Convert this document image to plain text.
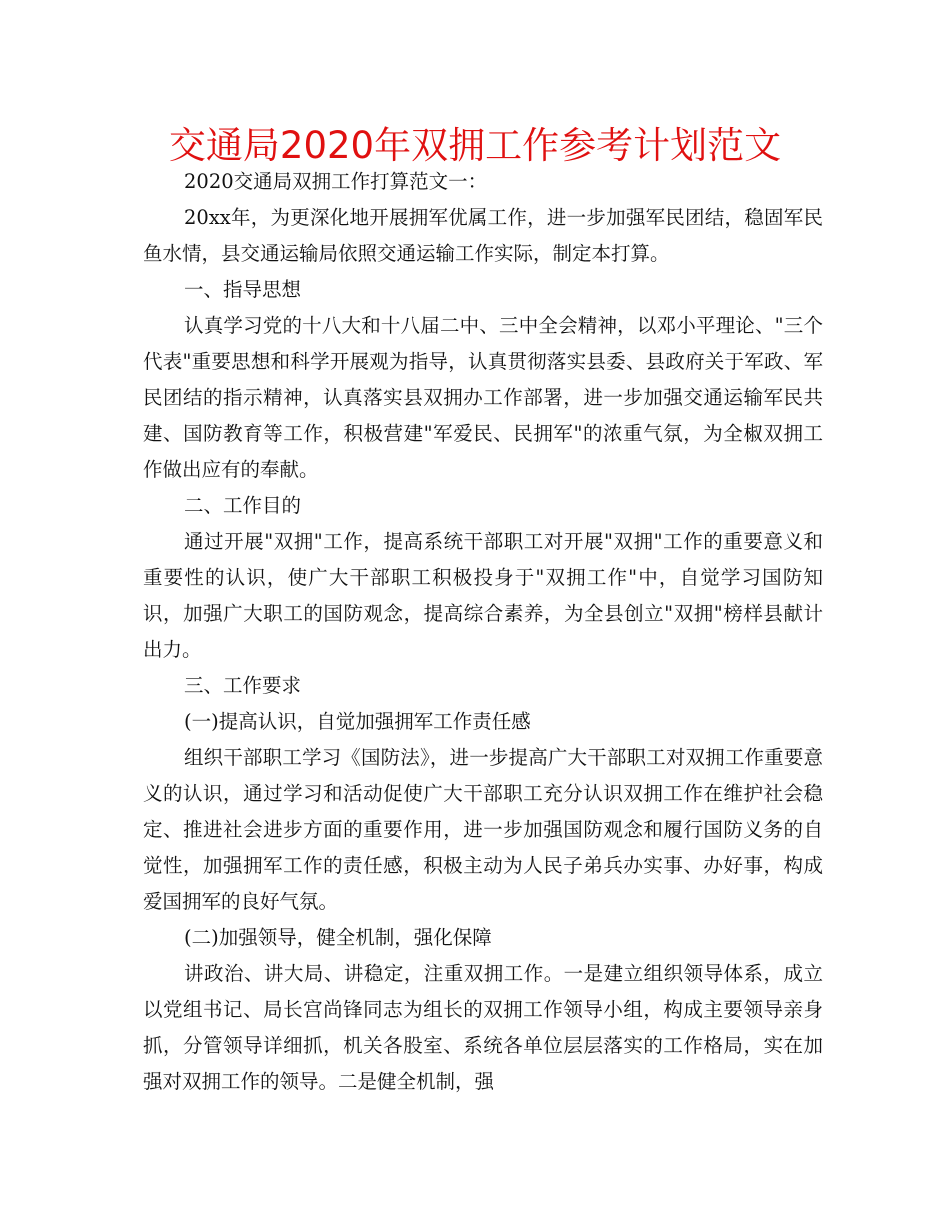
交通局2020年双拥工作参考计划范文

2020交通局双拥工作打算范文一：

20xx年，为更深化地开展拥军优属工作，进一步加强军民团结，稳固军民鱼水情，县交通运输局依照交通运输工作实际，制定本打算。

一、指导思想

认真学习党的十八大和十八届二中、三中全会精神，以邓小平理论、"三个代表"重要思想和科学开展观为指导，认真贯彻落实县委、县政府关于军政、军民团结的指示精神，认真落实县双拥办工作部署，进一步加强交通运输军民共建、国防教育等工作，积极营建"军爱民、民拥军"的浓重气氛，为全椒双拥工作做出应有的奉献。

二、工作目的

通过开展"双拥"工作，提高系统干部职工对开展"双拥"工作的重要意义和重要性的认识，使广大干部职工积极投身于"双拥工作"中，自觉学习国防知识，加强广大职工的国防观念，提高综合素养，为全县创立"双拥"榜样县献计出力。

三、工作要求

(一)提高认识，自觉加强拥军工作责任感

组织干部职工学习《国防法》，进一步提高广大干部职工对双拥工作重要意义的认识，通过学习和活动促使广大干部职工充分认识双拥工作在维护社会稳定、推进社会进步方面的重要作用，进一步加强国防观念和履行国防义务的自觉性，加强拥军工作的责任感，积极主动为人民子弟兵办实事、办好事，构成爱国拥军的良好气氛。

(二)加强领导，健全机制，强化保障

讲政治、讲大局、讲稳定，注重双拥工作。一是建立组织领导体系，成立以党组书记、局长宫尚锋同志为组长的双拥工作领导小组，构成主要领导亲身抓，分管领导详细抓，机关各股室、系统各单位层层落实的工作格局，实在加强对双拥工作的领导。二是健全机制，强
